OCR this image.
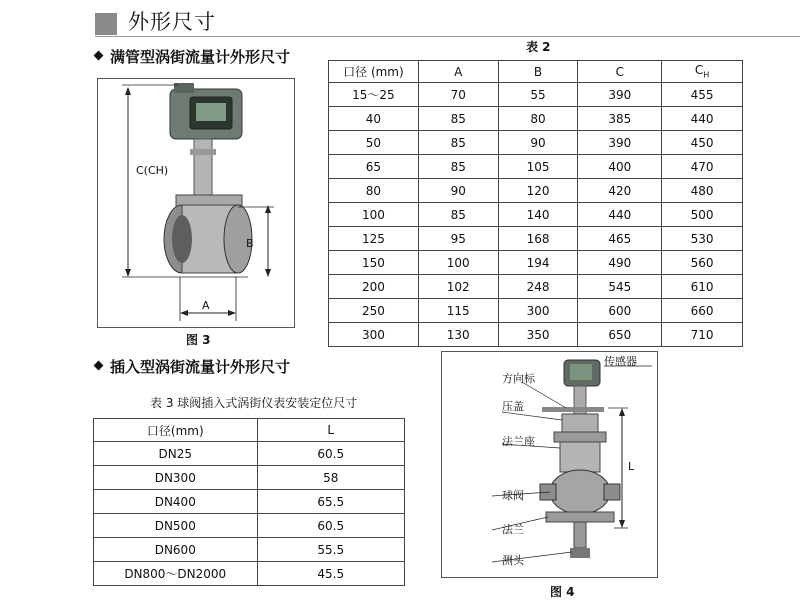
外形尺寸
满管型涡街流量计外形尺寸
C(CH)
B
A
图 3
表 2
口径 (mm)	A	B	C	$C_H$
15～25	70	55	390	455
40	85	80	385	440
50	85	90	390	450
65	85	105	400	470
80	90	120	420	480
100	85	140	440	500
125	95	168	465	530
150	100	194	490	560
200	102	248	545	610
250	115	300	600	660
300	130	350	650	710
插入型涡街流量计外形尺寸
表 3 球阀插入式涡街仪表安装定位尺寸
口径(mm)	L
DN25	60.5
DN300	58
DN400	65.5
DN500	60.5
DN600	55.5
DN800～DN2000	45.5
方向标
传感器
压盖
法兰座
球阀
法兰
测头
L
图 4
